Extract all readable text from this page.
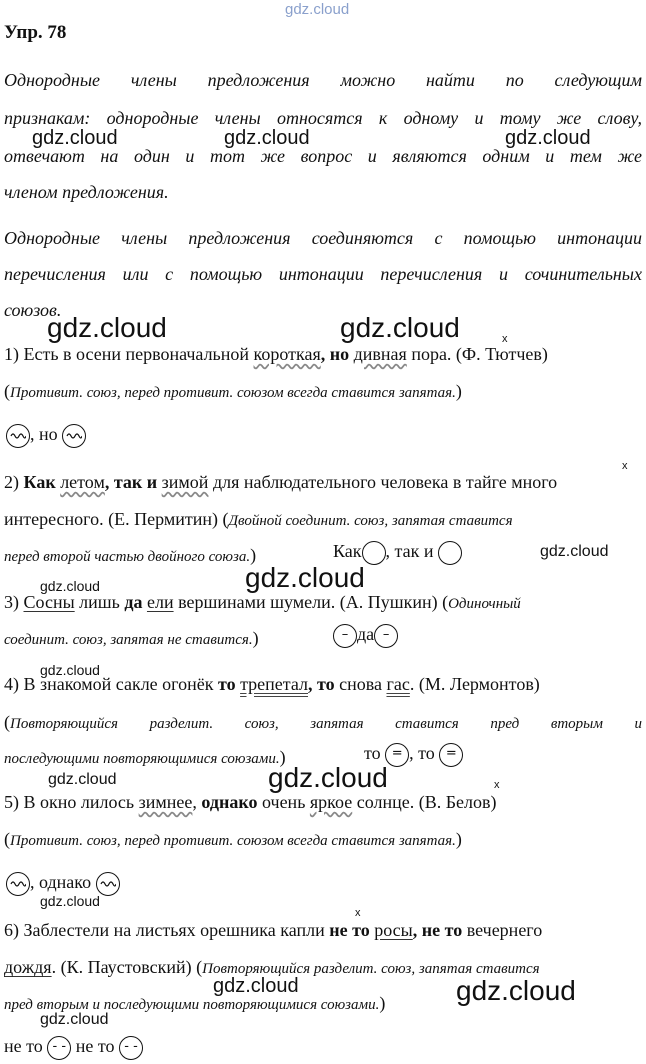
gdz.cloud
gdz.cloud	gdz.cloud	gdz.cloud
gdz.cloud	gdz.cloud
gdz.cloud
gdz.cloud
gdz.cloud
gdz.cloud
gdz.cloud	gdz.cloud
gdz.cloud
gdz.cloud	gdz.cloud
gdz.cloud
x
x
x
x
Упр. 78
Однородные члены предложения можно найти по следующим
признакам: однородные члены относятся к одному и тому же слову,
отвечают на один и тот же вопрос и являются одним и тем же
членом предложения.
Однородные члены предложения соединяются с помощью интонации
перечисления или с помощью интонации перечисления и сочинительных
союзов.
1) Есть в осени первоначальной короткая, но дивная пора. (Ф. Тютчев)
(Противит. союз, перед противит. союзом всегда ставится запятая.)
, но
2) Как летом, так и зимой для наблюдательного человека в тайге много
интересного. (Е. Пермитин) (Двойной соединит. союз, запятая ставится
перед второй частью двойного союза.)	Как , так и
3) Сосны лишь да ели вершинами шумели. (А. Пушкин) (Одиночный
соединит. союз, запятая не ставится.)	– да –
4) В знакомой сакле огонёк то трепетал, то снова гас. (М. Лермонтов)
(Повторяющийся разделит. союз, запятая ставится пред вторым и
последующими повторяющимися союзами.)	то = , то =
5) В окно лилось зимнее, однако очень яркое солнце. (В. Белов)
(Противит. союз, перед противит. союзом всегда ставится запятая.)
, однако
6) Заблестели на листьях орешника капли не то росы, не то вечернего
дождя. (К. Паустовский) (Повторяющийся разделит. союз, запятая ставится
пред вторым и последующими повторяющимися союзами.)
не то - - не то - -
